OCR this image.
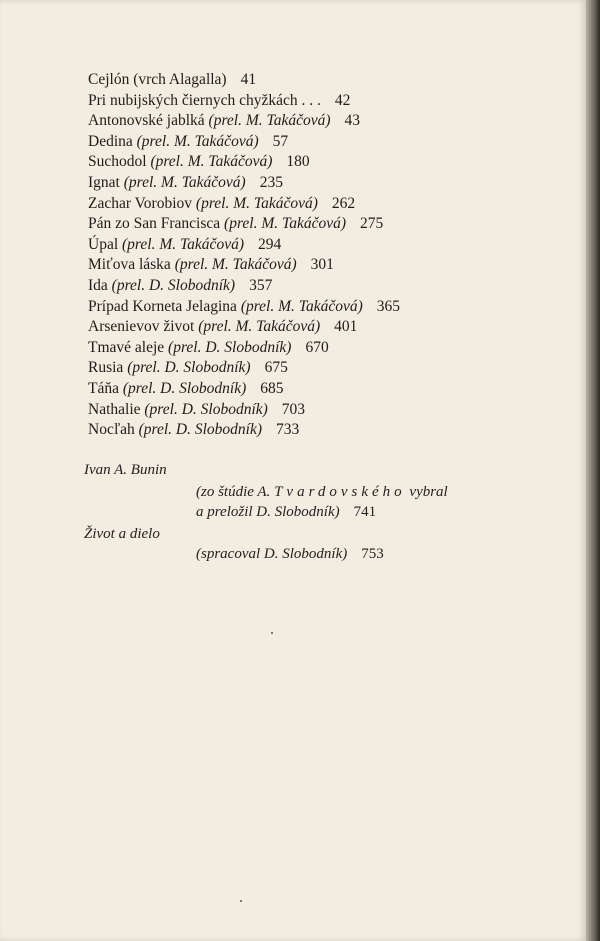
Cejlón (vrch Alagalla) 41
Pri nubijských čiernych chyžkách . . . 42
Antonovské jablká (prel. M. Takáčová) 43
Dedina (prel. M. Takáčová) 57
Suchodol (prel. M. Takáčová) 180
Ignat (prel. M. Takáčová) 235
Zachar Vorobiov (prel. M. Takáčová) 262
Pán zo San Francisca (prel. M. Takáčová) 275
Úpal (prel. M. Takáčová) 294
Miťova láska (prel. M. Takáčová) 301
Ida (prel. D. Slobodník) 357
Prípad Korneta Jelagina (prel. M. Takáčová) 365
Arsenievov život (prel. M. Takáčová) 401
Tmavé aleje (prel. D. Slobodník) 670
Rusia (prel. D. Slobodník) 675
Táňa (prel. D. Slobodník) 685
Nathalie (prel. D. Slobodník) 703
Nocľah (prel. D. Slobodník) 733
Ivan A. Bunin
(zo štúdie A. Tvardovského vybral
a preložil D. Slobodník) 741
Život a dielo
(spracoval D. Slobodník) 753
